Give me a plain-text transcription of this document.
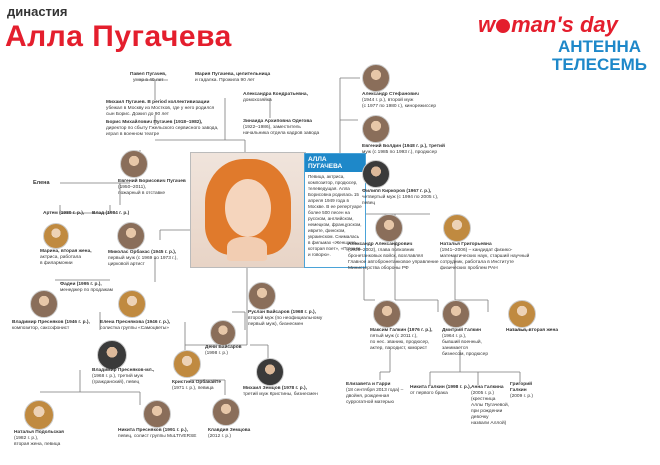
династия
Алла Пугачева	w man's day
АНТЕННА
ТЕЛЕСЕМЬ
Павел Пугачев,
умер в 40 лет
Мария Пугачева, целительница
и гадалка. Прожила 90 лет
Михаил Пугачев. В period коллективизации
убежал в Москву из Мостков, где у него родился
сын Борис. Дожил до 90 лет
Борис Михайлович Пугачев (1918–1982),
директор по сбыту Гжельского сервисного завода,
играл в военном театре
Александра Кондратьевна,
домохозяйка
Зинаида Архиповна Одегова
(1922–1986), заместитель
начальника отдела кадров завода
Евгений Борисович Пугачев
(1950–2011),
пожарный в отставке
Елена
Артем (1980 г. р.), Влад (1984 г. р.)
Марина, вторая жена,
актриса, работала
в филармонии
Миколас Орбакас (1945 г. р.),
первый муж (с 1969 по 1973 г.),
цирковой артист
Фадеи (1995 г. р.),
менеджер по продажам
Владимир Пресняков (1946 г. р.),
композитор, саксофонист
Елена Преснякова (1946 г. р.),
солистка группы «Самоцветы»
Владимир Пресняков-мл.,
(1968 г. р.), третий муж
(гражданский), певец
Наталья Подольская
(1982 г. р.),
вторая жена, певица
Никита Пресняков (1991 г. р.),
певец, солист группы MuLTIVERSE
АЛЛА ПУГАЧЕВА
Певица, актриса, композитор, продюсер, телеведущая. Алла Борисовна родилась 15 апреля 1949 года в Москве. В ее репертуаре более 500 песен на русском, английском, немецком, французском, иврите, финском, украинском. Снималась в фильмах «Женщина, которая поет», «Пришла и говорю».
Руслан Байсаров (1968 г. р.),
второй муж (по неофициальному
первый муж), бизнесмен
Дени Байсаров
(1998 г. р.)
Кристина Орбакайте
(1971 г. р.), певица	Михаил Земцов (1978 г. р.),
третий муж Кристины, бизнесмен
Клавдия Земцова
(2012 г. р.)
Александр Стефанович
(1944 г. р.), второй муж
(с 1977 по 1980 г.), кинорежиссер
Евгений Болдин (1948 г. р.), третий
муж (с 1985 по 1993 г.), продюсер
Филипп Киркоров (1967 г. р.),
четвертый муж (с 1994 по 2005 г.),
певец
Александр Александрович
(1935–2002), глава полковник
бронетанковых войск, возглавлял
Главное автобронетанковое управление
Министерства обороны РФ
Наталья Григорьевна
(1941–2006) – кандидат физико-
математических наук, старший научный
сотрудник, работала в Институте
физических проблем РАН
Максим Галкин (1976 г. р.),
пятый муж (с 2011 г.),
по нес. званию, продюсер,
актер, пародист, юморист
Дмитрий Галкин
(1964 г. р.),
бывший военный,
занимается
бизнесом, продюсер
Наталья, вторая жена
Елизавета и Гарри
(18 сентября 2013 года) –
двойня, рожденная
суррогатной матерью
Никита Галкин (1998 г. р.),
от первого брака
Анна Галкина
(2005 г. р.)
(крестница
Аллы Пугачевой,
при рождении
девочку
назвали Аллой)
Григорий
Галкин
(2009 г. р.)
